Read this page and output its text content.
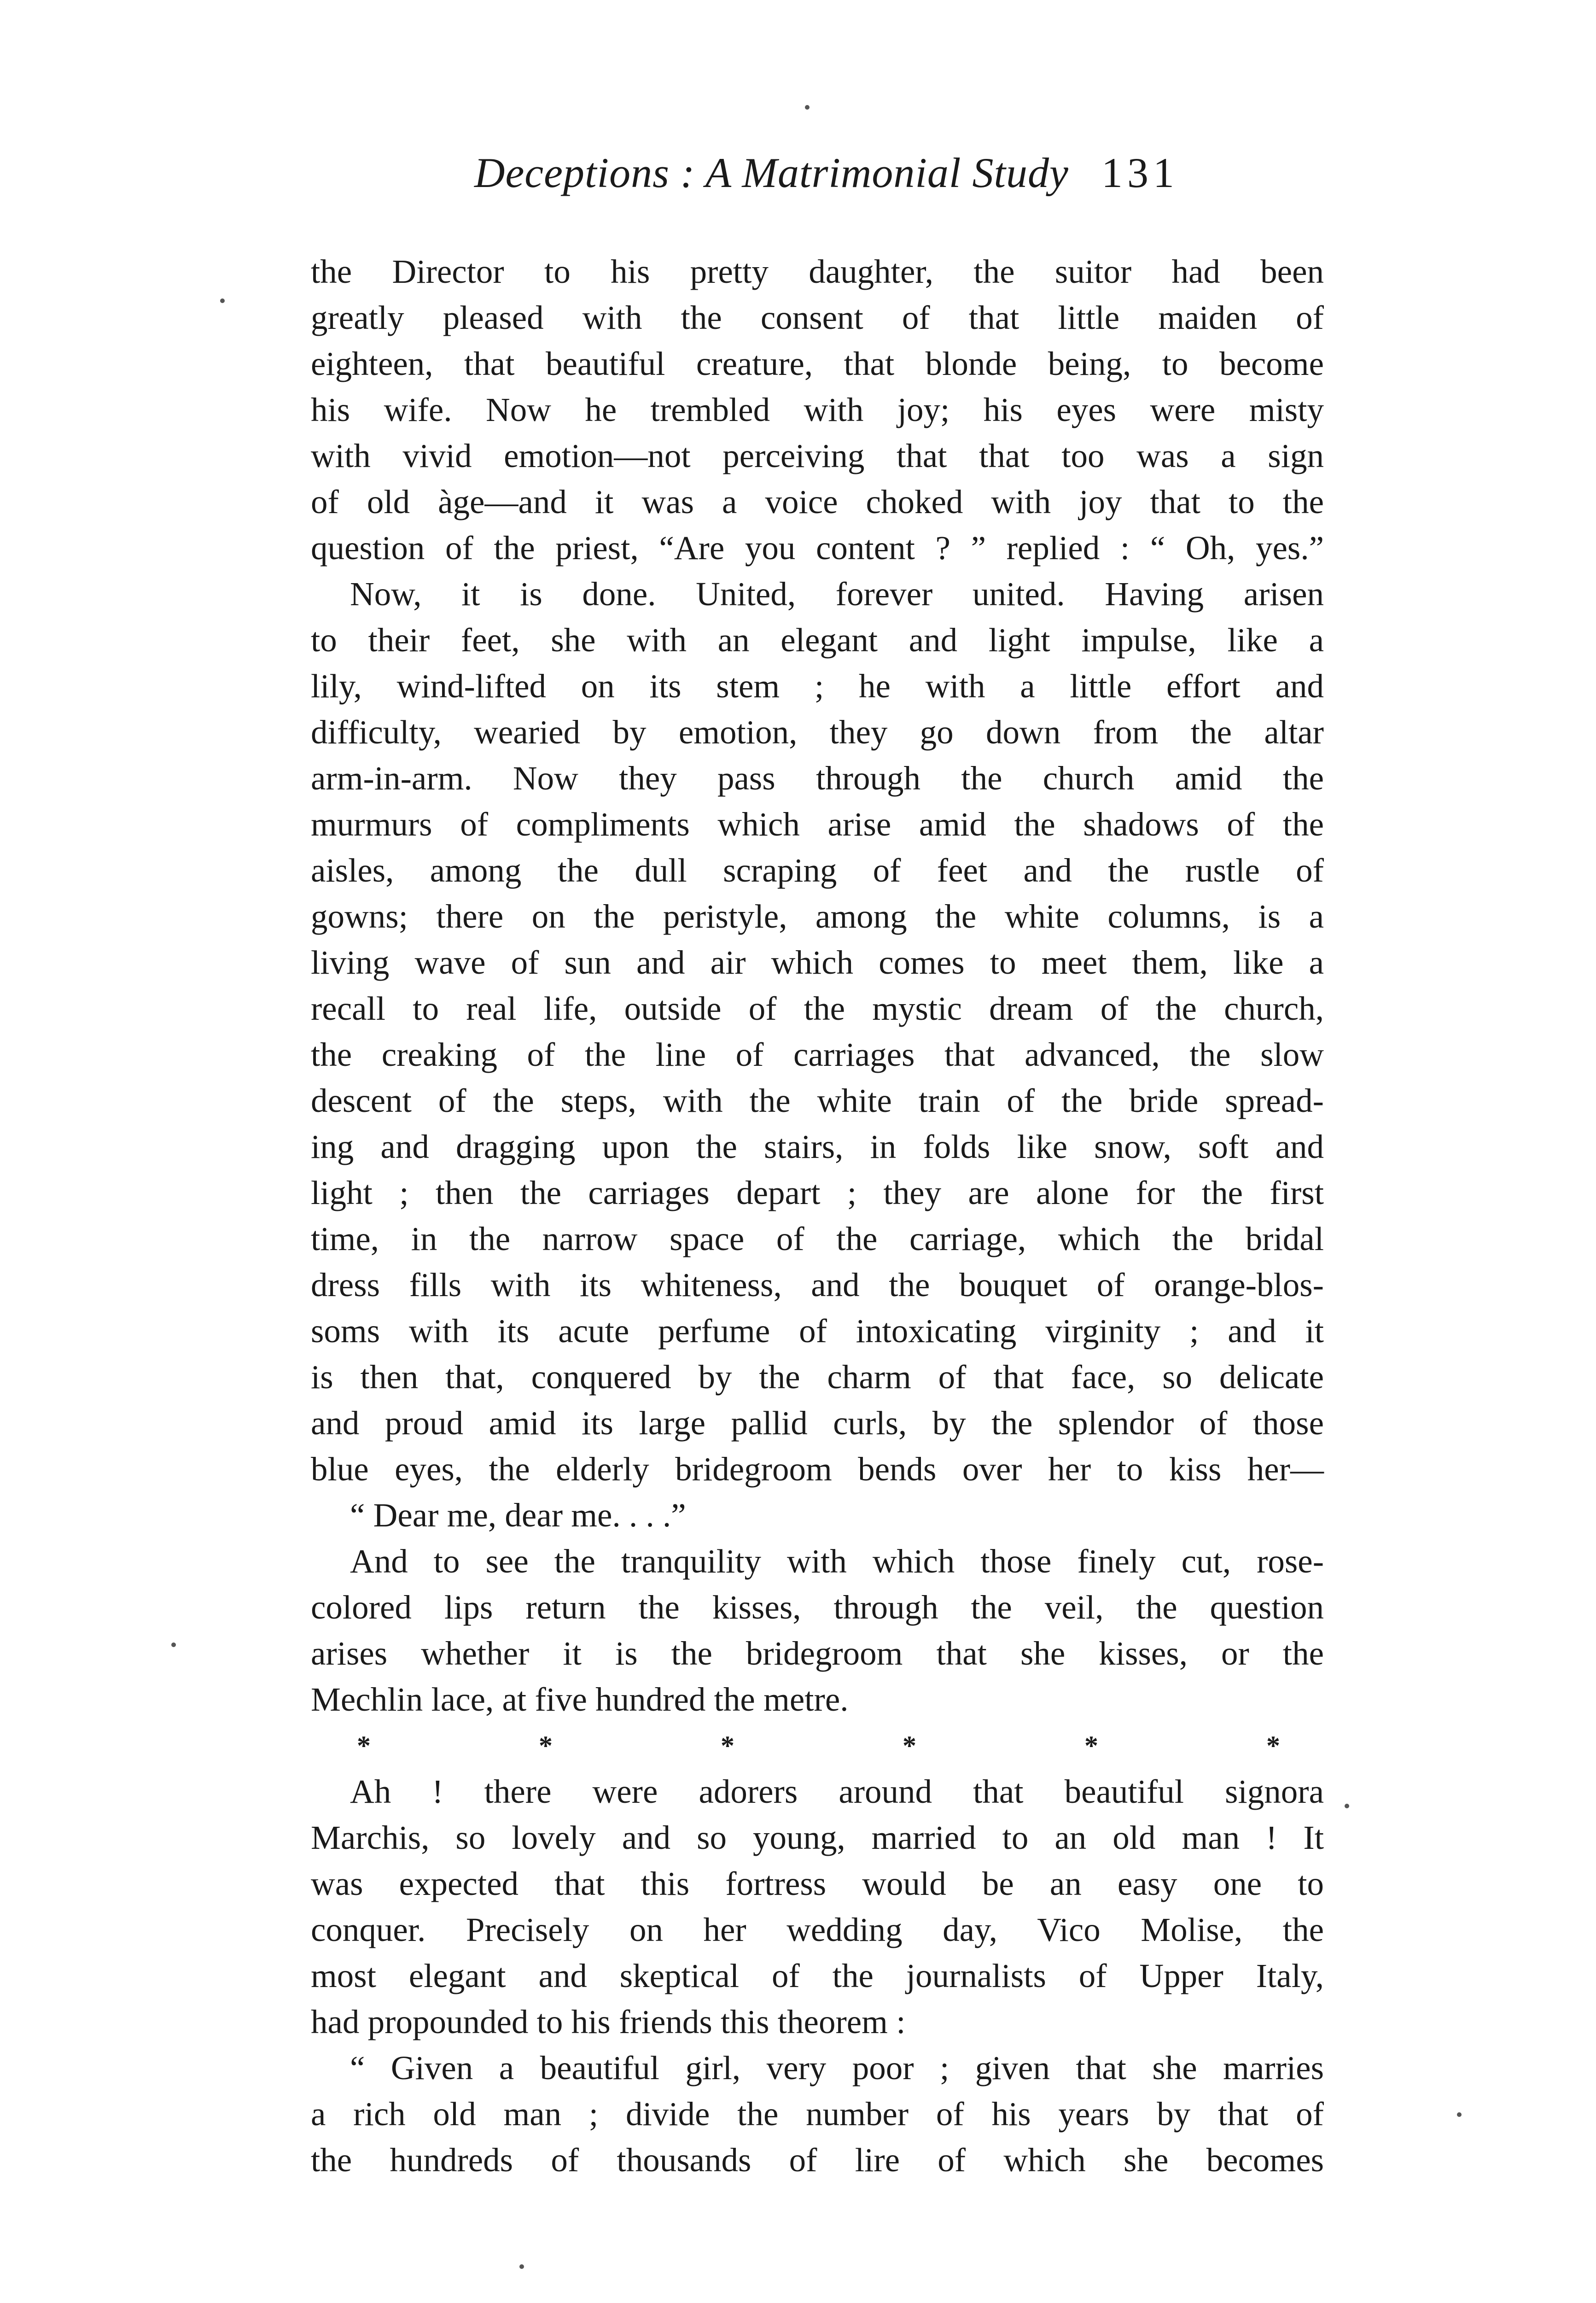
Deceptions : A Matrimonial Study 131
the Director to his pretty daughter, the suitor had been
greatly pleased with the consent of that little maiden of
eighteen, that beautiful creature, that blonde being, to become
his wife. Now he trembled with joy; his eyes were misty
with vivid emotion—not perceiving that that too was a sign
of old àge—and it was a voice choked with joy that to the
question of the priest, “Are you content ? ” replied : “ Oh, yes.”
Now, it is done. United, forever united. Having arisen
to their feet, she with an elegant and light impulse, like a
lily, wind-lifted on its stem ; he with a little effort and
difficulty, wearied by emotion, they go down from the altar
arm-in-arm. Now they pass through the church amid the
murmurs of compliments which arise amid the shadows of the
aisles, among the dull scraping of feet and the rustle of
gowns; there on the peristyle, among the white columns, is a
living wave of sun and air which comes to meet them, like a
recall to real life, outside of the mystic dream of the church,
the creaking of the line of carriages that advanced, the slow
descent of the steps, with the white train of the bride spread-
ing and dragging upon the stairs, in folds like snow, soft and
light ; then the carriages depart ; they are alone for the first
time, in the narrow space of the carriage, which the bridal
dress fills with its whiteness, and the bouquet of orange-blos-
soms with its acute perfume of intoxicating virginity ; and it
is then that, conquered by the charm of that face, so delicate
and proud amid its large pallid curls, by the splendor of those
blue eyes, the elderly bridegroom bends over her to kiss her—
“ Dear me, dear me. . . .”
And to see the tranquility with which those finely cut, rose-
colored lips return the kisses, through the veil, the question
arises whether it is the bridegroom that she kisses, or the
Mechlin lace, at five hundred the metre.
*	*	*	*	*	*
Ah ! there were adorers around that beautiful signora
Marchis, so lovely and so young, married to an old man ! It
was expected that this fortress would be an easy one to
conquer. Precisely on her wedding day, Vico Molise, the
most elegant and skeptical of the journalists of Upper Italy,
had propounded to his friends this theorem :
“ Given a beautiful girl, very poor ; given that she marries
a rich old man ; divide the number of his years by that of
the hundreds of thousands of lire of which she becomes
